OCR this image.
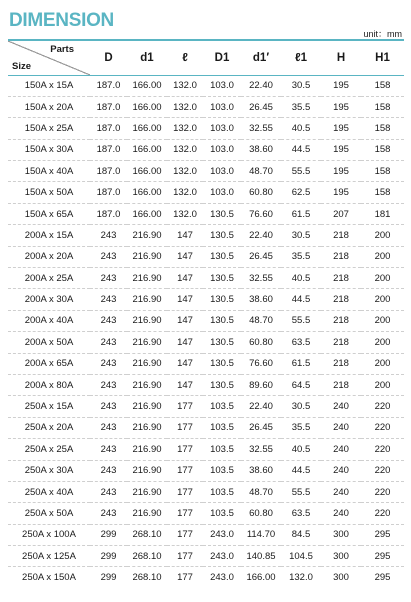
DIMENSION
unit：mm
Parts
Size	D	d1	ℓ	D1	d1′	ℓ1	H	H1
150A x 15A	187.0	166.00	132.0	103.0	22.40	30.5	195	158
150A x 20A	187.0	166.00	132.0	103.0	26.45	35.5	195	158
150A x 25A	187.0	166.00	132.0	103.0	32.55	40.5	195	158
150A x 30A	187.0	166.00	132.0	103.0	38.60	44.5	195	158
150A x 40A	187.0	166.00	132.0	103.0	48.70	55.5	195	158
150A x 50A	187.0	166.00	132.0	103.0	60.80	62.5	195	158
150A x 65A	187.0	166.00	132.0	130.5	76.60	61.5	207	181
200A x 15A	243	216.90	147	130.5	22.40	30.5	218	200
200A x 20A	243	216.90	147	130.5	26.45	35.5	218	200
200A x 25A	243	216.90	147	130.5	32.55	40.5	218	200
200A x 30A	243	216.90	147	130.5	38.60	44.5	218	200
200A x 40A	243	216.90	147	130.5	48.70	55.5	218	200
200A x 50A	243	216.90	147	130.5	60.80	63.5	218	200
200A x 65A	243	216.90	147	130.5	76.60	61.5	218	200
200A x 80A	243	216.90	147	130.5	89.60	64.5	218	200
250A x 15A	243	216.90	177	103.5	22.40	30.5	240	220
250A x 20A	243	216.90	177	103.5	26.45	35.5	240	220
250A x 25A	243	216.90	177	103.5	32.55	40.5	240	220
250A x 30A	243	216.90	177	103.5	38.60	44.5	240	220
250A x 40A	243	216.90	177	103.5	48.70	55.5	240	220
250A x 50A	243	216.90	177	103.5	60.80	63.5	240	220
250A x 100A	299	268.10	177	243.0	114.70	84.5	300	295
250A x 125A	299	268.10	177	243.0	140.85	104.5	300	295
250A x 150A	299	268.10	177	243.0	166.00	132.0	300	295
